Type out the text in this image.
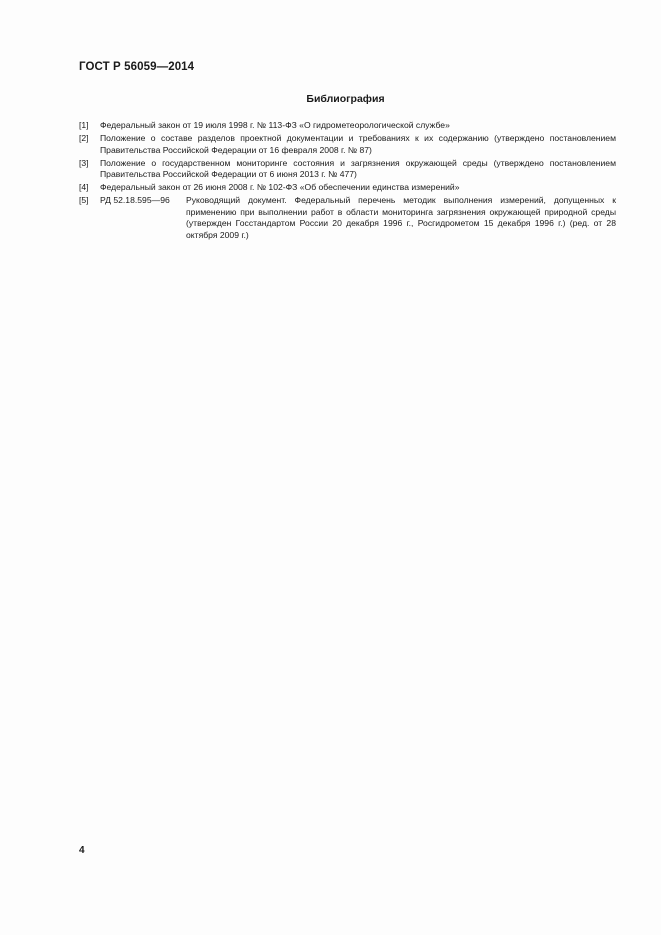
ГОСТ Р 56059—2014
Библиография
[1]	Федеральный закон от 19 июля 1998 г. № 113-ФЗ «О гидрометеорологической службе»
[2]	Положение о составе разделов проектной документации и требованиях к их содержанию (утверждено постановлением Правительства Российской Федерации от 16 февраля 2008 г. № 87)
[3]	Положение о государственном мониторинге состояния и загрязнения окружающей среды (утверждено постановлением Правительства Российской Федерации от 6 июня 2013 г. № 477)
[4]	Федеральный закон от 26 июня 2008 г. № 102-ФЗ «Об обеспечении единства измерений»
[5]	РД 52.18.595—96	Руководящий документ. Федеральный перечень методик выполнения измерений, допущенных к применению при выполнении работ в области мониторинга загрязнения окружающей природной среды (утвержден Госстандартом России 20 декабря 1996 г., Росгидрометом 15 декабря 1996 г.) (ред. от 28 октября 2009 г.)
4
